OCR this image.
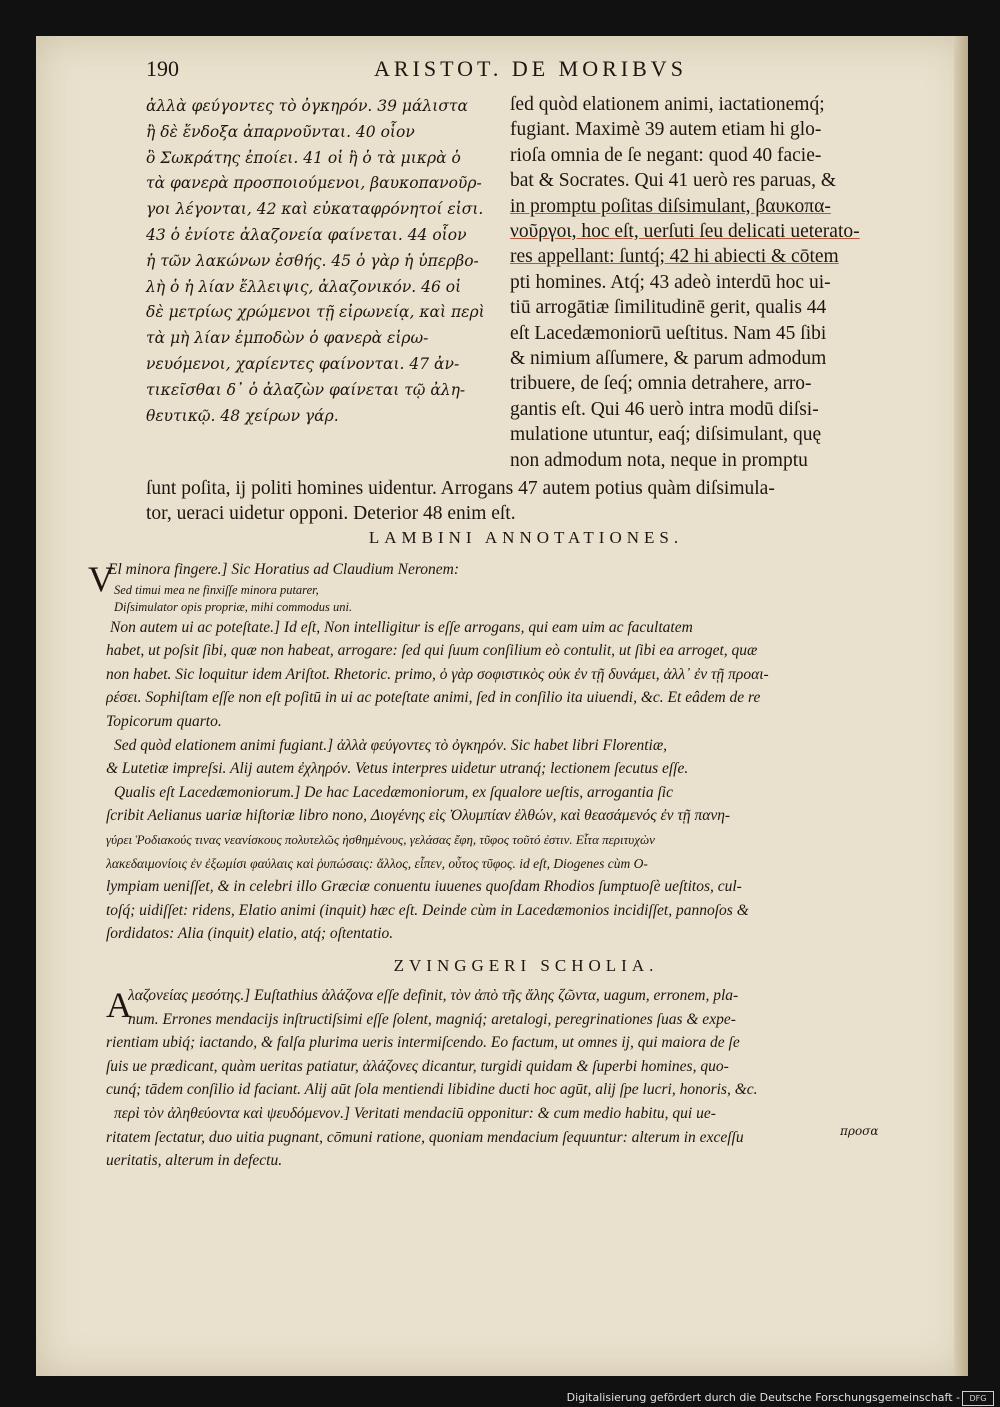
190	ARISTOT. DE MORIBVS
ἀλλὰ φεύγοντες τὸ ὀγκηρόν. 39 μάλιστα
ἢ δὲ ἔνδοξα ἀπαρνοῦνται. 40 οἷον
ὃ Σωκράτης ἐποίει. 41 οἱ ἢ ὁ τὰ μικρὰ ὁ
τὰ φανερὰ προσποιούμενοι, βαυκοπανοῦρ-
γοι λέγονται, 42 καὶ εὐκαταφρόνητοί εἰσι.
43 ὁ ἐνίοτε ἀλαζονεία φαίνεται. 44 οἷον
ἡ τῶν λακώνων ἐσθής. 45 ὁ γὰρ ἡ ὑπερβο-
λὴ ὁ ἡ λίαν ἔλλειψις, ἀλαζονικόν. 46 οἱ
δὲ μετρίως χρώμενοι τῇ εἰρωνείᾳ, καὶ περὶ
τὰ μὴ λίαν ἐμποδὼν ὁ φανερὰ εἰρω-
νευόμενοι, χαρίεντες φαίνονται. 47 ἀν-
τικεῖσθαι δ᾽ ὁ ἀλαζὼν φαίνεται τῷ ἀλη-
θευτικῷ. 48 χείρων γάρ.
ſed quòd elationem animi, iactationemq́;
fugiant. Maximè 39 autem etiam hi glo-
rioſa omnia de ſe negant: quod 40 facie-
bat & Socrates. Qui 41 uerò res paruas, &
in promptu poſitas diſsimulant, βαυκοπα-
νοῦργοι, hoc eſt, uerſuti ſeu delicati ueterato-
res appellant: ſuntq́; 42 hi abiecti & cōtem
pti homines. Atq́; 43 adeò interdū hoc ui-
tiū arrogātiæ ſimilitudinē gerit, qualis 44
eſt Lacedæmoniorū ueſtitus. Nam 45 ſibi
& nimium aſſumere, & parum admodum
tribuere, de ſeq́; omnia detrahere, arro-
gantis eſt. Qui 46 uerò intra modū diſsi-
mulatione utuntur, eaq́; diſsimulant, quę
non admodum nota, neque in promptu
ſunt poſita, ij politi homines uidentur. Arrogans 47 autem potius quàm diſsimula-
tor, ueraci uidetur opponi. Deterior 48 enim eſt.
LAMBINI ANNOTATIONES.
V
El minora fingere.] Sic Horatius ad Claudium Neronem:
Sed timui mea ne finxiſſe minora putarer,
Diſsimulator opis propriæ, mihi commodus uni.
Non autem ui ac poteſtate.] Id eſt, Non intelligitur is eſſe arrogans, qui eam uim ac facultatem
habet, ut poſsit ſibi, quæ non habeat, arrogare: ſed qui ſuum conſilium eò contulit, ut ſibi ea arroget, quæ
non habet. Sic loquitur idem Ariſtot. Rhetoric. primo, ὁ γὰρ σοφιστικὸς οὐκ ἐν τῇ δυνάμει, ἀλλ᾽ ἐν τῇ προαι-
ρέσει. Sophiſtam eſſe non eſt poſitū in ui ac poteſtate animi, ſed in conſilio ita uiuendi, &c. Et eâdem de re
Topicorum quarto.
Sed quòd elationem animi fugiant.] ἀλλὰ φεύγοντες τὸ ὀγκηρόν. Sic habet libri Florentiæ,
& Lutetiæ impreſsi. Alij autem ἐχληρόν. Vetus interpres uidetur utranq́; lectionem ſecutus eſſe.
Qualis eſt Lacedæmoniorum.] De hac Lacedæmoniorum, ex ſqualore ueſtis, arrogantia ſic
ſcribit Aelianus uariæ hiſtoriæ libro nono, Διογένης εἰς Ὀλυμπίαν ἐλθών, καὶ θεασάμενός ἐν τῇ πανη-
γύρει Ῥοδιακούς τινας νεανίσκους πολυτελῶς ἠσθημένους, γελάσας ἔφη, τῦφος τοῦτό ἐστιν. Εἶτα περιτυχὼν
λακεδαιμονίοις ἐν ἐξωμίσι φαύλαις καὶ ῥυπώσαις: ἄλλος, εἶπεν, οὗτος τῦφος. id eſt, Diogenes cùm O-
lympiam ueniſſet, & in celebri illo Græciæ conuentu iuuenes quoſdam Rhodios ſumptuoſè ueſtitos, cul-
toſq́; uidiſſet: ridens, Elatio animi (inquit) hæc eſt. Deinde cùm in Lacedæmonios incidiſſet, pannoſos &
ſordidatos: Alia (inquit) elatio, atq́; oſtentatio.
ZVINGGERI SCHOLIA.
A
λαζονείας μεσότης.] Euſtathius ἀλάζονα eſſe definit, τὸν ἀπὸ τῆς ἄλης ζῶντα, uagum, erronem, pla-
num. Errones mendacijs inſtructiſsimi eſſe ſolent, magniq́; aretalogi, peregrinationes ſuas & expe-
rientiam ubiq́; iactando, & falſa plurima ueris intermiſcendo. Eo factum, ut omnes ij, qui maiora de ſe
ſuis ue prædicant, quàm ueritas patiatur, ἀλάζονες dicantur, turgidi quidam & ſuperbi homines, quo-
cunq́; tādem conſilio id faciant. Alij aūt ſola mentiendi libidine ducti hoc agūt, alij ſpe lucri, honoris, &c.
περὶ τὸν ἀληθεύοντα καὶ ψευδόμενον.] Veritati mendaciū opponitur: & cum medio habitu, qui ue-
ritatem ſectatur, duo uitia pugnant, cōmuni ratione, quoniam mendacium ſequuntur: alterum in exceſſu
ueritatis, alterum in defectu.
προσα
Digitalisierung gefördert durch die Deutsche Forschungsgemeinschaft -	DFG
